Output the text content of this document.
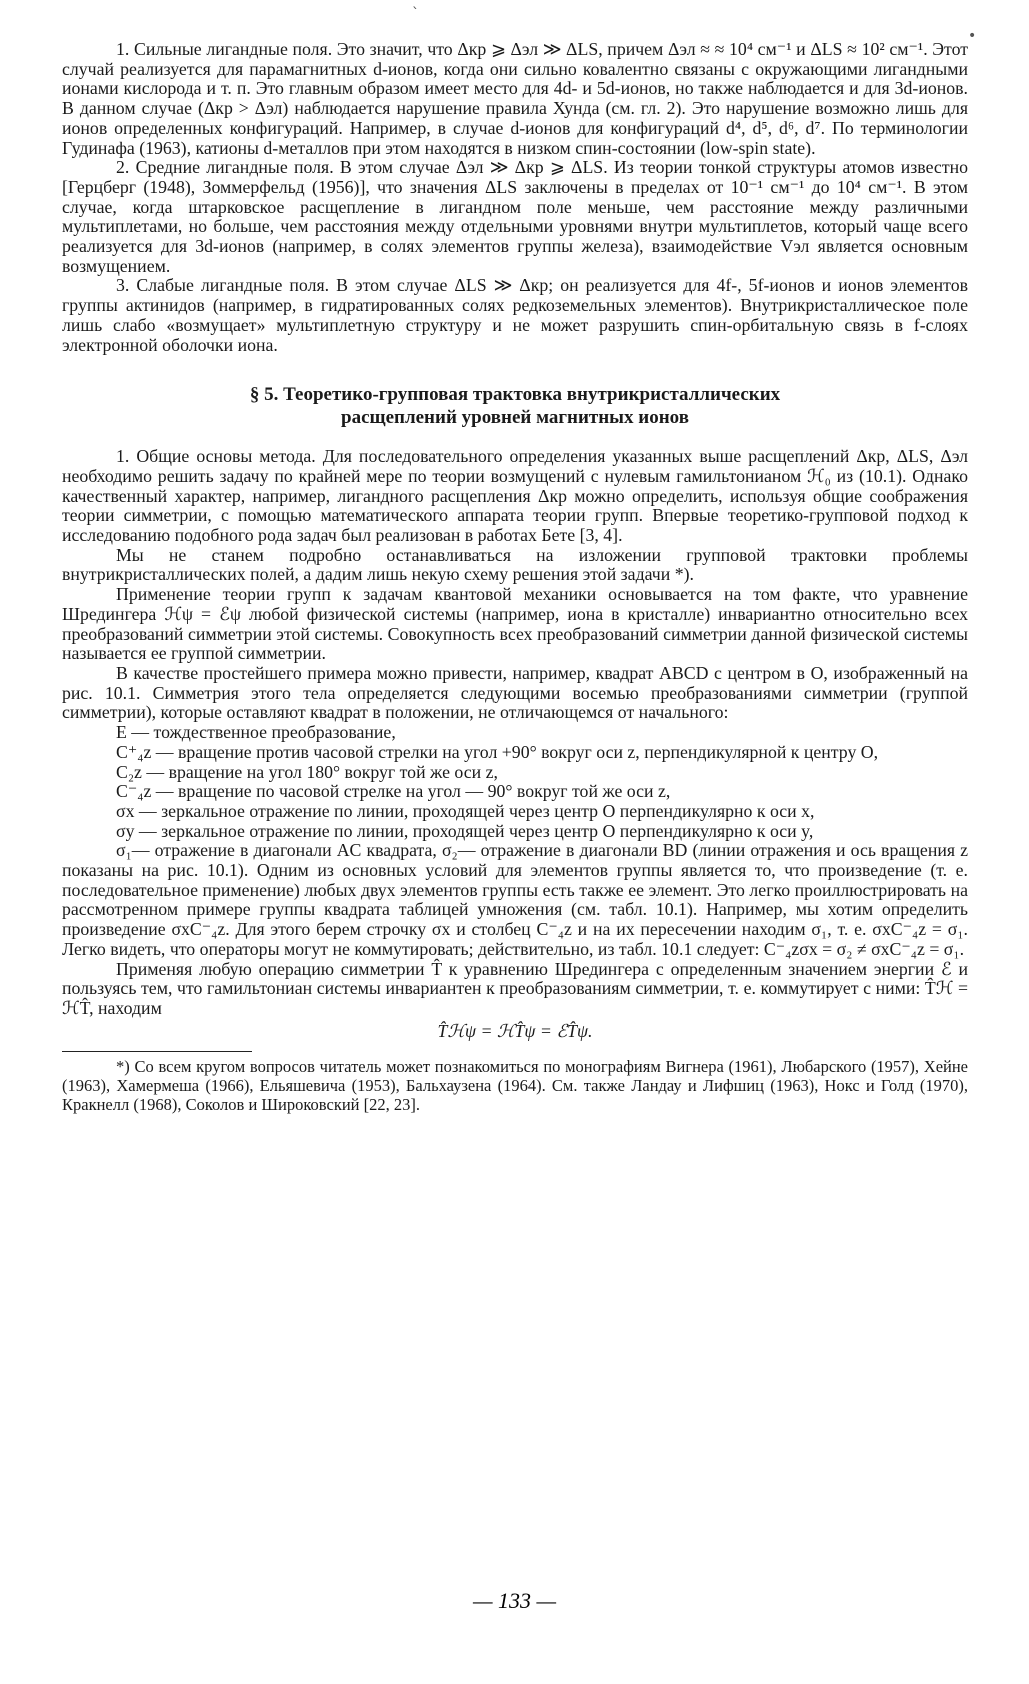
`
•

1. Сильные лигандные поля. Это значит, что Δкр ⩾ Δэл ≫ ΔLS, причем Δэл ≈ ≈ 10⁴ см⁻¹ и ΔLS ≈ 10² см⁻¹. Этот случай реализуется для парамагнитных d-ионов, когда они сильно ковалентно связаны с окружающими лигандными ионами кислорода и т. п. Это главным образом имеет место для 4d- и 5d-ионов, но также наблюдается и для 3d-ионов. В данном случае (Δкр > Δэл) наблюдается нарушение правила Хунда (см. гл. 2). Это нарушение возможно лишь для ионов определенных конфигураций. Например, в случае d-ионов для конфигураций d⁴, d⁵, d⁶, d⁷. По терминологии Гудинафа (1963), катионы d-металлов при этом находятся в низком спин-состоянии (low-spin state).

2. Средние лигандные поля. В этом случае Δэл ≫ Δкр ⩾ ΔLS. Из теории тонкой структуры атомов известно [Герцберг (1948), Зоммерфельд (1956)], что значения ΔLS заключены в пределах от 10⁻¹ см⁻¹ до 10⁴ см⁻¹. В этом случае, когда штарковское расщепление в лигандном поле меньше, чем расстояние между различными мультиплетами, но больше, чем расстояния между отдельными уровнями внутри мультиплетов, который чаще всего реализуется для 3d-ионов (например, в солях элементов группы железа), взаимодействие Vэл является основным возмущением.

3. Слабые лигандные поля. В этом случае ΔLS ≫ Δкр; он реализуется для 4f-, 5f-ионов и ионов элементов группы актинидов (например, в гидратированных солях редкоземельных элементов). Внутрикристаллическое поле лишь слабо «возмущает» мультиплетную структуру и не может разрушить спин-орбитальную связь в f-слоях электронной оболочки иона.

§ 5. Теоретико-групповая трактовка внутрикристаллических
расщеплений уровней магнитных ионов

1. Общие основы метода. Для последовательного определения указанных выше расщеплений Δкр, ΔLS, Δэл необходимо решить задачу по крайней мере по теории возмущений с нулевым гамильтонианом ℋ₀ из (10.1). Однако качественный характер, например, лигандного расщепления Δкр можно определить, используя общие соображения теории симметрии, с помощью математического аппарата теории групп. Впервые теоретико-групповой подход к исследованию подобного рода задач был реализован в работах Бете [3, 4].

Мы не станем подробно останавливаться на изложении групповой трактовки проблемы внутрикристаллических полей, а дадим лишь некую схему решения этой задачи *).

Применение теории групп к задачам квантовой механики основывается на том факте, что уравнение Шредингера ℋψ = ℰψ любой физической системы (например, иона в кристалле) инвариантно относительно всех преобразований симметрии этой системы. Совокупность всех преобразований симметрии данной физической системы называется ее группой симметрии.

В качестве простейшего примера можно привести, например, квадрат ABCD с центром в O, изображенный на рис. 10.1. Симметрия этого тела определяется следующими восемью преобразованиями симметрии (группой симметрии), которые оставляют квадрат в положении, не отличающемся от начального:

E — тождественное преобразование,

C⁺₄z — вращение против часовой стрелки на угол +90° вокруг оси z, перпендикулярной к центру O,

C₂z — вращение на угол 180° вокруг той же оси z,

C⁻₄z — вращение по часовой стрелке на угол — 90° вокруг той же оси z,

σx — зеркальное отражение по линии, проходящей через центр O перпендикулярно к оси x,

σy — зеркальное отражение по линии, проходящей через центр O перпендикулярно к оси y,

σ₁— отражение в диагонали AC квадрата, σ₂— отражение в диагонали BD (линии отражения и ось вращения z показаны на рис. 10.1). Одним из основных условий для элементов группы является то, что произведение (т. е. последовательное применение) любых двух элементов группы есть также ее элемент. Это легко проиллюстрировать на рассмотренном примере группы квадрата таблицей умножения (см. табл. 10.1). Например, мы хотим определить произведение σxC⁻₄z. Для этого берем строчку σx и столбец C⁻₄z и на их пересечении находим σ₁, т. е. σxC⁻₄z = σ₁. Легко видеть, что операторы могут не коммутировать; действительно, из табл. 10.1 следует: C⁻₄zσx = σ₂ ≠ σxC⁻₄z = σ₁.

Применяя любую операцию симметрии T̂ к уравнению Шредингера с определенным значением энергии ℰ и пользуясь тем, что гамильтониан системы инвариантен к преобразованиям симметрии, т. е. коммутирует с ними: T̂ℋ = ℋT̂, находим

T̂ℋψ = ℋT̂ψ = ℰT̂ψ.

*) Со всем кругом вопросов читатель может познакомиться по монографиям Вигнера (1961), Любарского (1957), Хейне (1963), Хамермеша (1966), Ельяшевича (1953), Бальхаузена (1964). См. также Ландау и Лифшиц (1963), Нокс и Голд (1970), Кракнелл (1968), Соколов и Широковский [22, 23].

— 133 —
